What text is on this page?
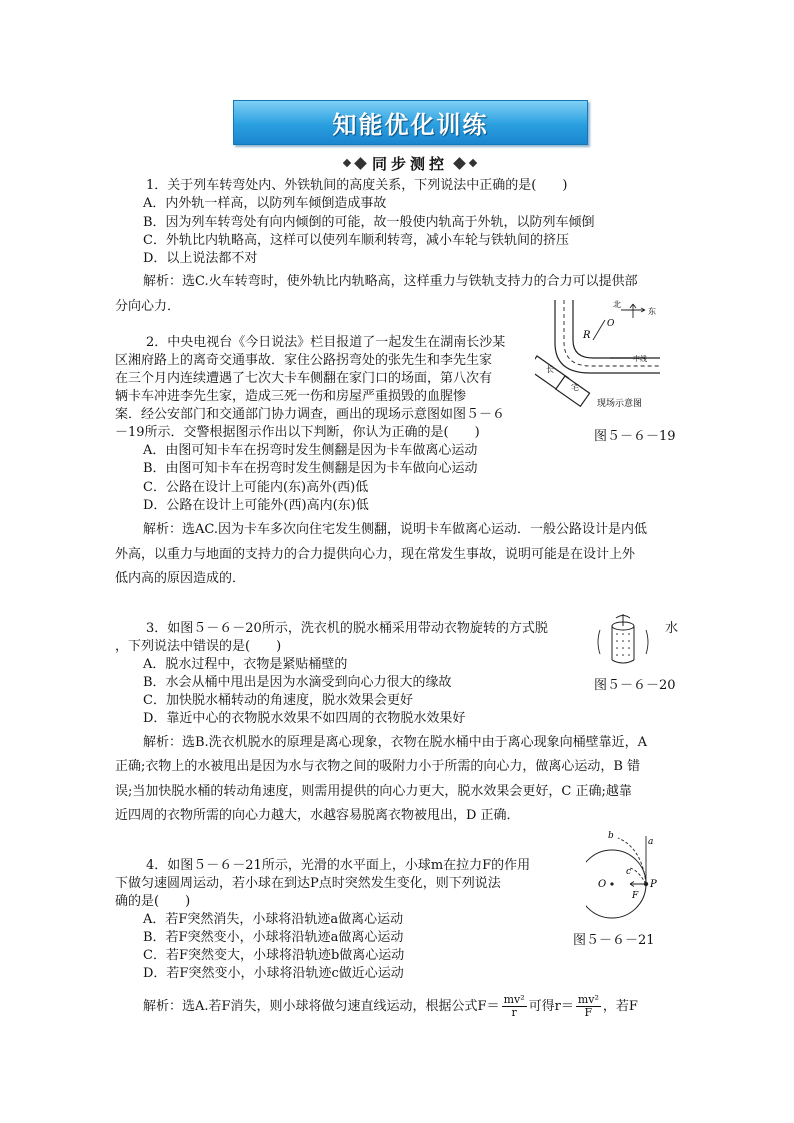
知能优化训练
同步测控
1．关于列车转弯处内、外铁轨间的高度关系，下列说法中正确的是(　　)
A．内外轨一样高，以防列车倾倒造成事故
B．因为列车转弯处有向内倾倒的可能，故一般使内轨高于外轨，以防列车倾倒
C．外轨比内轨略高，这样可以使列车顺利转弯，减小车轮与铁轨间的挤压
D．以上说法都不对
解析：选C.火车转弯时，使外轨比内轨略高，这样重力与铁轨支持力的合力可以提供部
分向心力．
2．中央电视台《今日说法》栏目报道了一起发生在湖南长沙某
区湘府路上的离奇交通事故．家住公路拐弯处的张先生和李先生家
在三个月内连续遭遇了七次大卡车侧翻在家门口的场面，第八次有
辆卡车冲进李先生家，造成三死一伤和房屋严重损毁的血腥惨
案．经公安部门和交通部门协力调查，画出的现场示意图如图５－６
－19所示．交警根据图示作出以下判断，你认为正确的是(　　)
A．由图可知卡车在拐弯时发生侧翻是因为卡车做离心运动
B．由图可知卡车在拐弯时发生侧翻是因为卡车做向心运动
C．公路在设计上可能内(东)高外(西)低
D．公路在设计上可能外(西)高内(东)低
解析：选AC.因为卡车多次向住宅发生侧翻，说明卡车做离心运动．一般公路设计是内低
外高，以重力与地面的支持力的合力提供向心力，现在常发生事故，说明可能是在设计上外
低内高的原因造成的．
北
东
R
O
中线
长
宅
现场示意图
图５－６－19
3．如图５－６－20所示，洗衣机的脱水桶采用带动衣物旋转的方式脱
，下列说法中错误的是(　　)
A．脱水过程中，衣物是紧贴桶壁的
B．水会从桶中甩出是因为水滴受到向心力很大的缘故
C．加快脱水桶转动的角速度，脱水效果会更好
D．靠近中心的衣物脱水效果不如四周的衣物脱水效果好
解析：选B.洗衣机脱水的原理是离心现象，衣物在脱水桶中由于离心现象向桶壁靠近，A
正确;衣物上的水被甩出是因为水与衣物之间的吸附力小于所需的向心力，做离心运动，B 错
误;当加快脱水桶的转动角速度，则需用提供的向心力更大，脱水效果会更好，C 正确;越靠
近四周的衣物所需的向心力越大，水越容易脱离衣物被甩出，D 正确．
水
图５－６－20
4．如图５－６－21所示，光滑的水平面上，小球m在拉力F的作用
下做匀速圆周运动，若小球在到达P点时突然发生变化，则下列说法
确的是(　　)
A．若F突然消失，小球将沿轨迹a做离心运动
B．若F突然变小，小球将沿轨迹a做离心运动
C．若F突然变大，小球将沿轨迹b做离心运动
D．若F突然变小，小球将沿轨迹c做近心运动
解析：选A.若F消失，则小球将做匀速直线运动，根据公式$F= \frac{\text{mv²}}{r}$ 可得$r= \frac{\text{mv²}}{F}$ ，若F
O	P
F
a
b
c
图５－６－21
